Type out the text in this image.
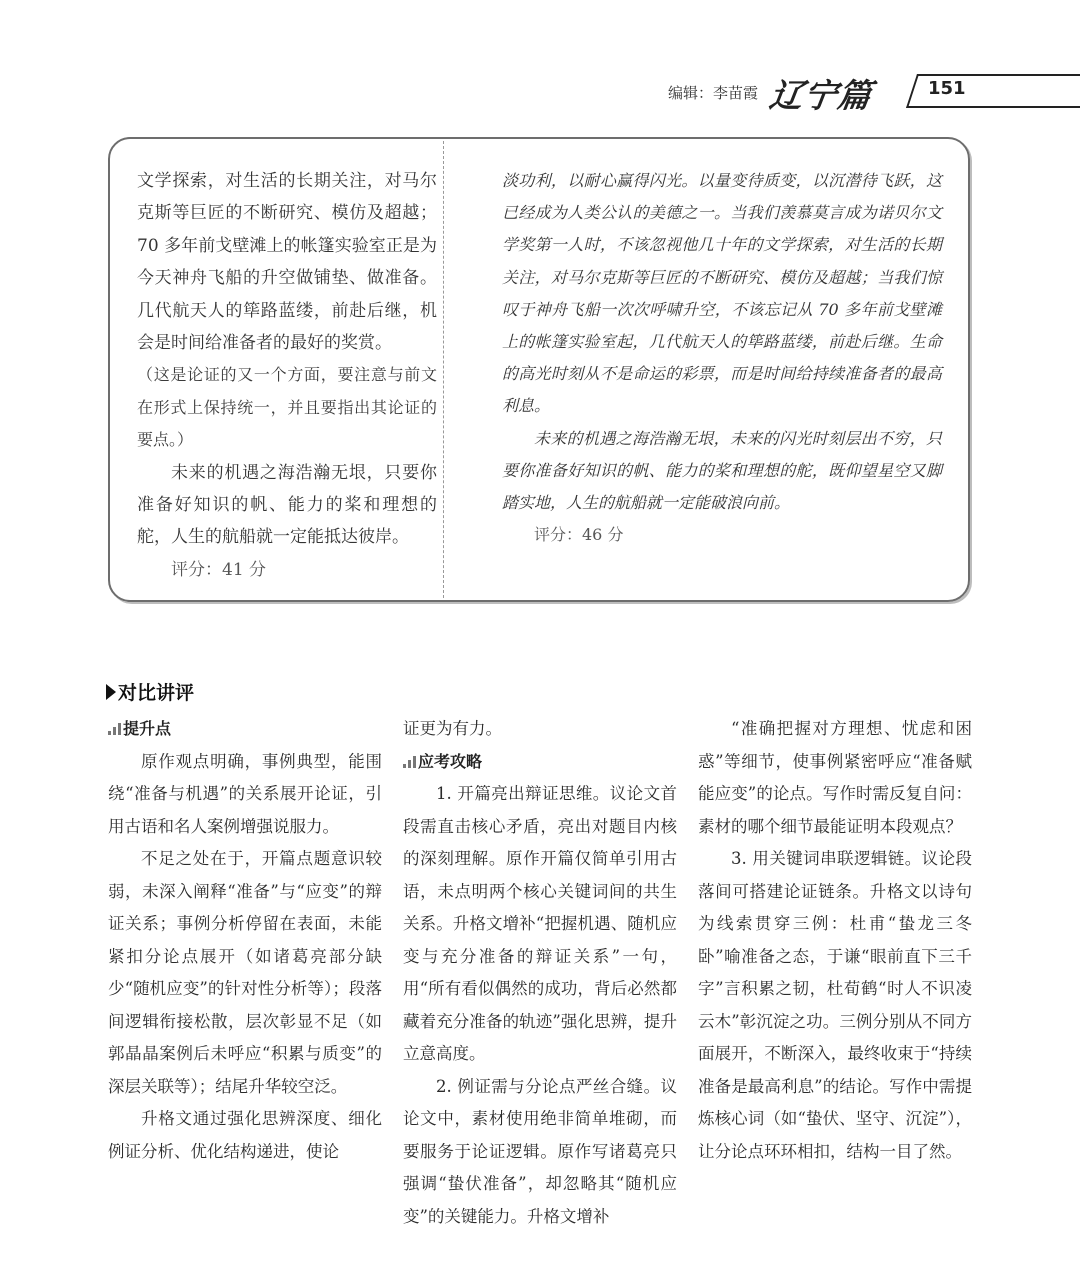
编辑：李苗霞 辽宁篇	151

文学探索，对生活的长期关注，对马尔克斯等巨匠的不断研究、模仿及超越；70 多年前戈壁滩上的帐篷实验室正是为今天神舟飞船的升空做铺垫、做准备。几代航天人的筚路蓝缕，前赴后继，机会是时间给准备者的最好的奖赏。

（这是论证的又一个方面，要注意与前文在形式上保持统一，并且要指出其论证的要点。）

未来的机遇之海浩瀚无垠，只要你准备好知识的帆、能力的桨和理想的舵，人生的航船就一定能抵达彼岸。

评分：41 分

淡功利，以耐心赢得闪光。以量变待质变，以沉潜待飞跃，这已经成为人类公认的美德之一。当我们羡慕莫言成为诺贝尔文学奖第一人时，不该忽视他几十年的文学探索，对生活的长期关注，对马尔克斯等巨匠的不断研究、模仿及超越；当我们惊叹于神舟飞船一次次呼啸升空，不该忘记从 70 多年前戈壁滩上的帐篷实验室起，几代航天人的筚路蓝缕，前赴后继。生命的高光时刻从不是命运的彩票，而是时间给持续准备者的最高利息。

未来的机遇之海浩瀚无垠，未来的闪光时刻层出不穷，只要你准备好知识的帆、能力的桨和理想的舵，既仰望星空又脚踏实地，人生的航船就一定能破浪向前。

评分：46 分

对比讲评
提升点

原作观点明确，事例典型，能围绕“准备与机遇”的关系展开论证，引用古语和名人案例增强说服力。

不足之处在于，开篇点题意识较弱，未深入阐释“准备”与“应变”的辩证关系；事例分析停留在表面，未能紧扣分论点展开（如诸葛亮部分缺少“随机应变”的针对性分析等）；段落间逻辑衔接松散，层次彰显不足（如郭晶晶案例后未呼应“积累与质变”的深层关联等）；结尾升华较空泛。

升格文通过强化思辨深度、细化例证分析、优化结构递进，使论

证更为有力。

应考攻略

1. 开篇亮出辩证思维。议论文首段需直击核心矛盾，亮出对题目内核的深刻理解。原作开篇仅简单引用古语，未点明两个核心关键词间的共生关系。升格文增补“把握机遇、随机应变与充分准备的辩证关系”一句，用“所有看似偶然的成功，背后必然都藏着充分准备的轨迹”强化思辨，提升立意高度。

2. 例证需与分论点严丝合缝。议论文中，素材使用绝非简单堆砌，而要服务于论证逻辑。原作写诸葛亮只强调“蛰伏准备”，却忽略其“随机应变”的关键能力。升格文增补

“准确把握对方理想、忧虑和困惑”等细节，使事例紧密呼应“准备赋能应变”的论点。写作时需反复自问：素材的哪个细节最能证明本段观点？

3. 用关键词串联逻辑链。议论段落间可搭建论证链条。升格文以诗句为线索贯穿三例：杜甫“蛰龙三冬卧”喻准备之态，于谦“眼前直下三千字”言积累之韧，杜荀鹤“时人不识凌云木”彰沉淀之功。三例分别从不同方面展开，不断深入，最终收束于“持续准备是最高利息”的结论。写作中需提炼核心词（如“蛰伏、坚守、沉淀”），让分论点环环相扣，结构一目了然。
